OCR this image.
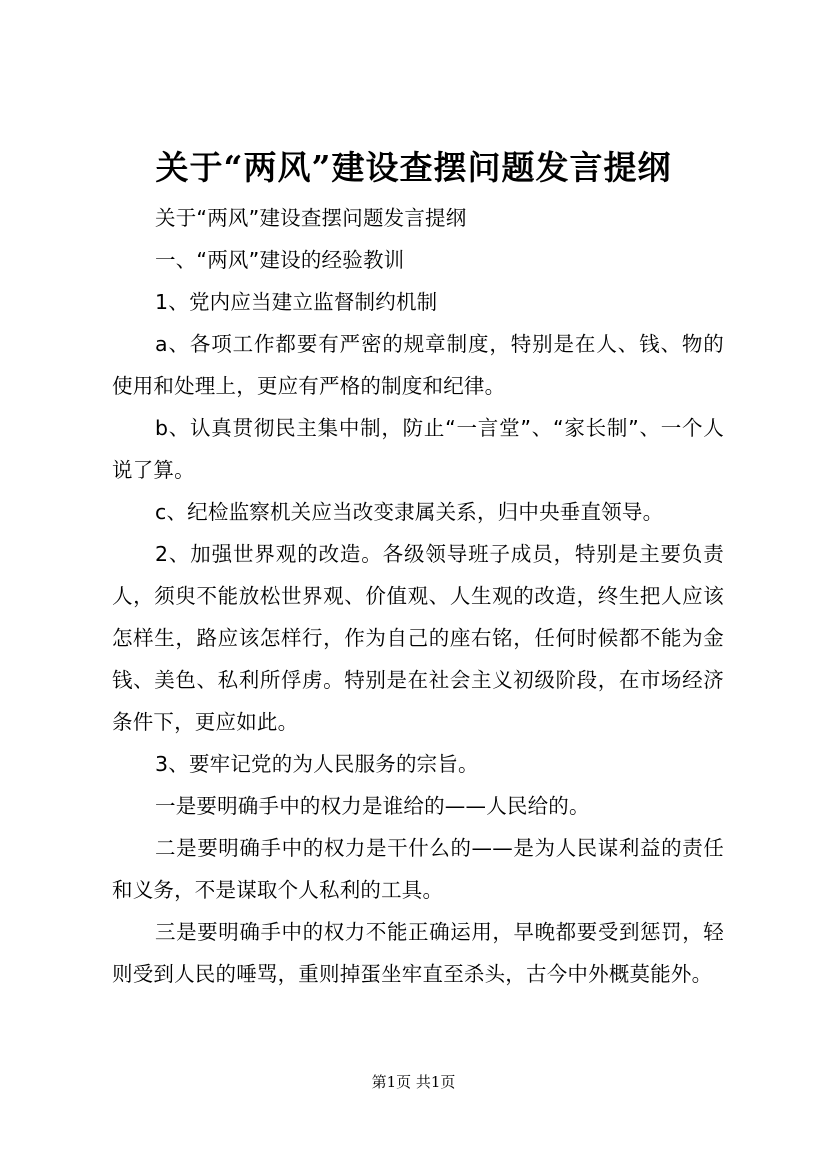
关于“两风”建设查摆问题发言提纲

关于“两风”建设查摆问题发言提纲

一、“两风”建设的经验教训

1、党内应当建立监督制约机制

a、各项工作都要有严密的规章制度，特别是在人、钱、物的使用和处理上，更应有严格的制度和纪律。

b、认真贯彻民主集中制，防止“一言堂”、“家长制”、一个人说了算。

c、纪检监察机关应当改变隶属关系，归中央垂直领导。

2、加强世界观的改造。各级领导班子成员，特别是主要负责人，须臾不能放松世界观、价值观、人生观的改造，终生把人应该怎样生，路应该怎样行，作为自己的座右铭，任何时候都不能为金钱、美色、私利所俘虏。特别是在社会主义初级阶段，在市场经济条件下，更应如此。

3、要牢记党的为人民服务的宗旨。

一是要明确手中的权力是谁给的——人民给的。

二是要明确手中的权力是干什么的——是为人民谋利益的责任和义务，不是谋取个人私利的工具。

三是要明确手中的权力不能正确运用，早晚都要受到惩罚，轻则受到人民的唾骂，重则掉蛋坐牢直至杀头，古今中外概莫能外。

第1页 共1页
